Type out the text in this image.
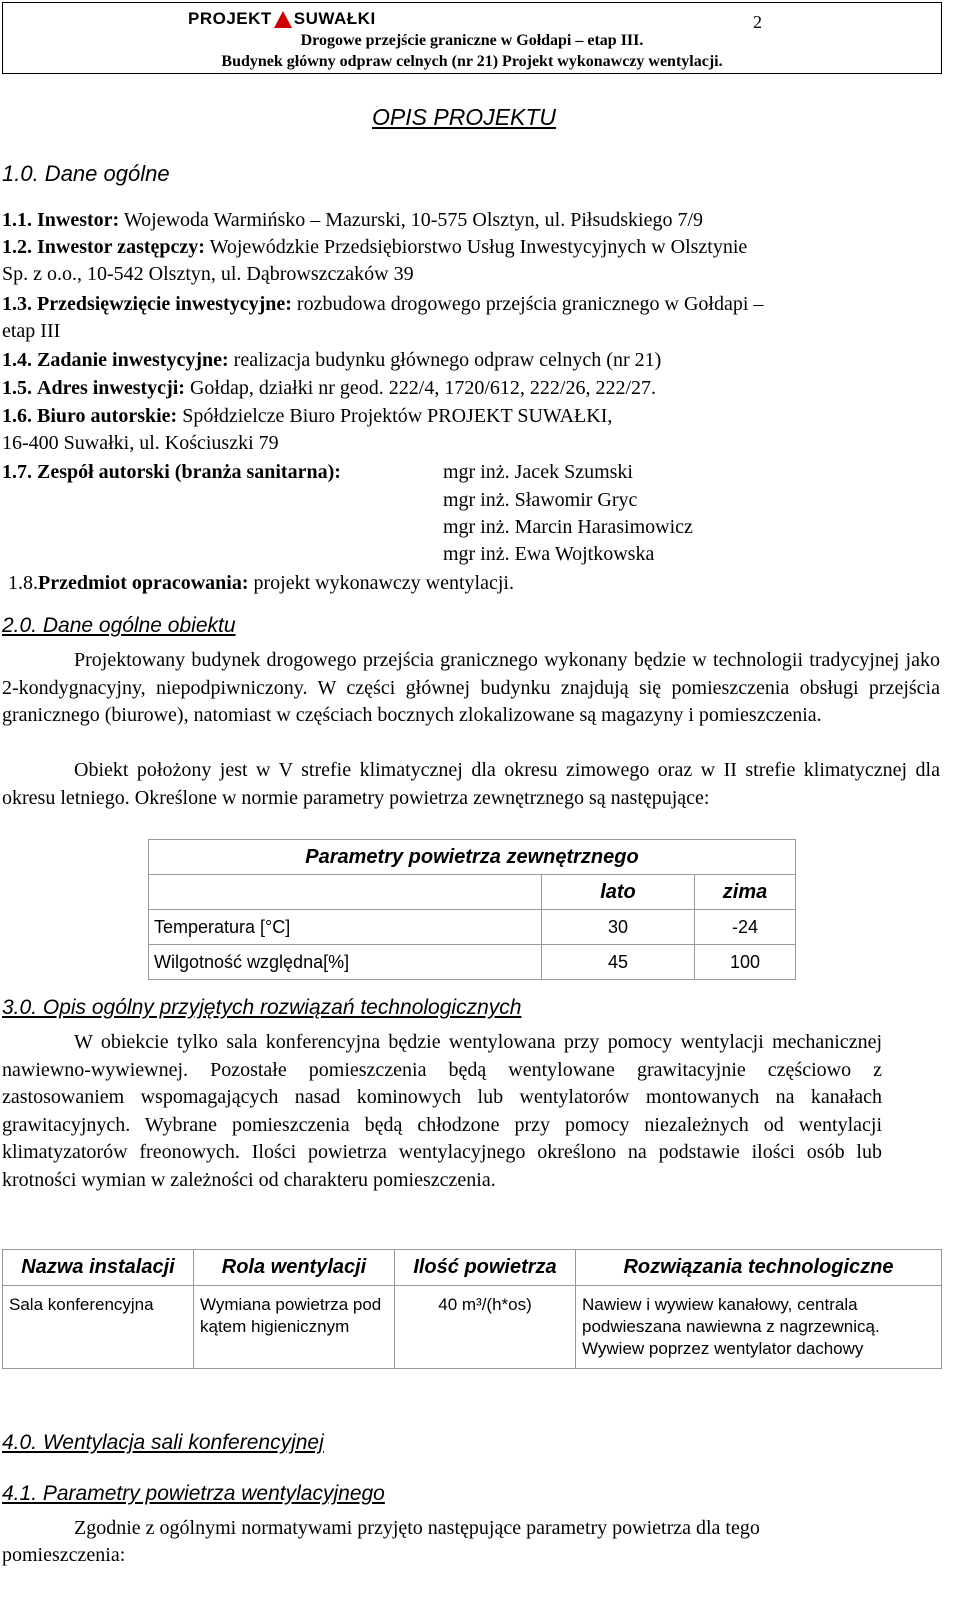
PROJEKT SUWAŁKI	2
Drogowe przejście graniczne w Gołdapi – etap III.
Budynek główny odpraw celnych (nr 21) Projekt wykonawczy wentylacji.
OPIS PROJEKTU
1.0. Dane ogólne
1.1. Inwestor: Wojewoda Warmińsko – Mazurski, 10-575 Olsztyn, ul. Piłsudskiego 7/9
1.2. Inwestor zastępczy: Wojewódzkie Przedsiębiorstwo Usług Inwestycyjnych w Olsztynie
Sp. z o.o., 10-542 Olsztyn, ul. Dąbrowszczaków 39
1.3. Przedsięwzięcie inwestycyjne: rozbudowa drogowego przejścia granicznego w Gołdapi –
etap III
1.4. Zadanie inwestycyjne: realizacja budynku głównego odpraw celnych (nr 21)
1.5. Adres inwestycji: Gołdap, działki nr geod. 222/4, 1720/612, 222/26, 222/27.
1.6. Biuro autorskie: Spółdzielcze Biuro Projektów PROJEKT SUWAŁKI,
16-400 Suwałki, ul. Kościuszki 79
1.7. Zespół autorski (branża sanitarna):	mgr inż. Jacek Szumski
mgr inż. Sławomir Gryc
mgr inż. Marcin Harasimowicz
mgr inż. Ewa Wojtkowska
1.8.Przedmiot opracowania: projekt wykonawczy wentylacji.
2.0. Dane ogólne obiektu
Projektowany budynek drogowego przejścia granicznego wykonany będzie w technologii tradycyjnej jako 2-kondygnacyjny, niepodpiwniczony. W części głównej budynku znajdują się pomieszczenia obsługi przejścia granicznego (biurowe), natomiast w częściach bocznych zlokalizowane są magazyny i pomieszczenia.
Obiekt położony jest w V strefie klimatycznej dla okresu zimowego oraz w II strefie klimatycznej dla okresu letniego. Określone w normie parametry powietrza zewnętrznego są następujące:
Parametry powietrza zewnętrznego		
	lato	zima
Temperatura [°C]	30	-24
Wilgotność względna[%]	45	100
3.0. Opis ogólny przyjętych rozwiązań technologicznych
W obiekcie tylko sala konferencyjna będzie wentylowana przy pomocy wentylacji mechanicznej nawiewno-wywiewnej. Pozostałe pomieszczenia będą wentylowane grawitacyjnie częściowo z zastosowaniem wspomagających nasad kominowych lub wentylatorów montowanych na kanałach grawitacyjnych. Wybrane pomieszczenia będą chłodzone przy pomocy niezależnych od wentylacji klimatyzatorów freonowych. Ilości powietrza wentylacyjnego określono na podstawie ilości osób lub krotności wymian w zależności od charakteru pomieszczenia.
Nazwa instalacji	Rola wentylacji	Ilość powietrza	Rozwiązania technologiczne
Sala konferencyjna	Wymiana powietrza pod kątem higienicznym	40 m³/(h*os)	Nawiew i wywiew kanałowy, centrala podwieszana nawiewna z nagrzewnicą. Wywiew poprzez wentylator dachowy
4.0. Wentylacja sali konferencyjnej
4.1. Parametry powietrza wentylacyjnego
Zgodnie z ogólnymi normatywami przyjęto następujące parametry powietrza dla tego
pomieszczenia:
